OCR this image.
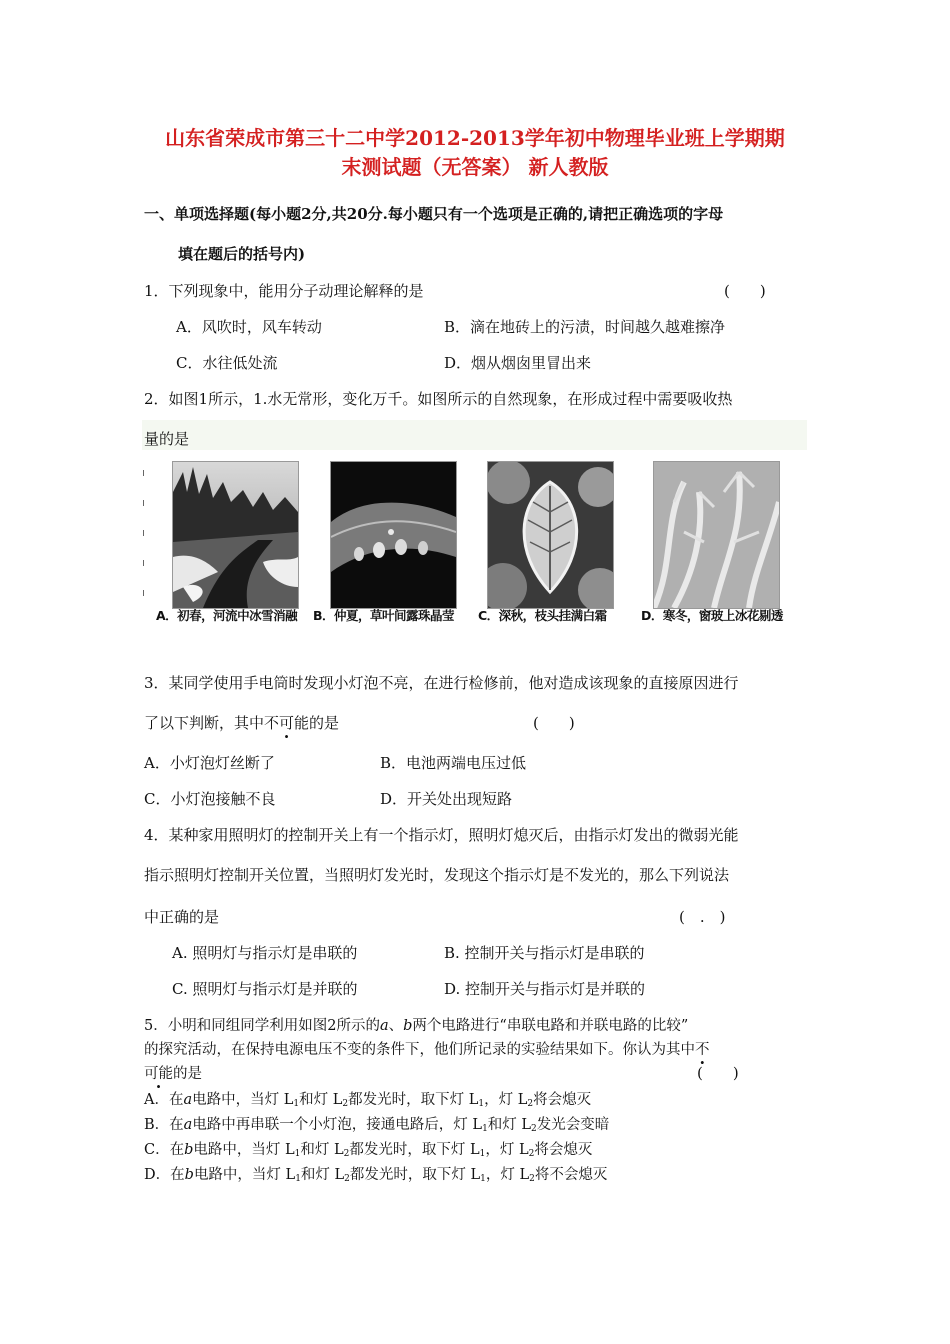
山东省荣成市第三十二中学2012-2013学年初中物理毕业班上学期期
末测试题（无答案） 新人教版
一、单项选择题(每小题2分,共20分.每小题只有一个选项是正确的,请把正确选项的字母
填在题后的括号内)
1．下列现象中，能用分子动理论解释的是	(　　)
A．风吹时，风车转动	B．滴在地砖上的污渍，时间越久越难擦净
C．水往低处流	D．烟从烟囱里冒出来
2．如图1所示，1.水无常形，变化万千。如图所示的自然现象，在形成过程中需要吸收热
量的是
A．初春，河流中冰雪消融 B．仲夏，草叶间露珠晶莹 C．深秋，枝头挂满白霜	D．寒冬，窗玻上冰花剔透
3．某同学使用手电筒时发现小灯泡不亮，在进行检修前，他对造成该现象的直接原因进行
了以下判断，其中不可能的是	(　　)
A．小灯泡灯丝断了	B．电池两端电压过低
C．小灯泡接触不良	D．开关处出现短路
4．某种家用照明灯的控制开关上有一个指示灯，照明灯熄灭后，由指示灯发出的微弱光能
指示照明灯控制开关位置，当照明灯发光时，发现这个指示灯是不发光的，那么下列说法
中正确的是	(　.　)
A. 照明灯与指示灯是串联的	B. 控制开关与指示灯是串联的
C. 照明灯与指示灯是并联的	D. 控制开关与指示灯是并联的
5．小明和同组同学利用如图2所示的a、b两个电路进行“串联电路和并联电路的比较”
的探究活动，在保持电源电压不变的条件下，他们所记录的实验结果如下。你认为其中不
可能的是	(　　)
A．在a电路中，当灯 $L_1$和灯 $L_2$都发光时，取下灯 $L_1$，灯 $L_2$将会熄灭
B．在a电路中再串联一个小灯泡，接通电路后，灯 $L_1$和灯 $L_2$发光会变暗
C．在b电路中，当灯 $L_1$和灯 $L_2$都发光时，取下灯 $L_1$，灯 $L_2$将会熄灭
D．在b电路中，当灯 $L_1$和灯 $L_2$都发光时，取下灯 $L_1$，灯 $L_2$将不会熄灭
